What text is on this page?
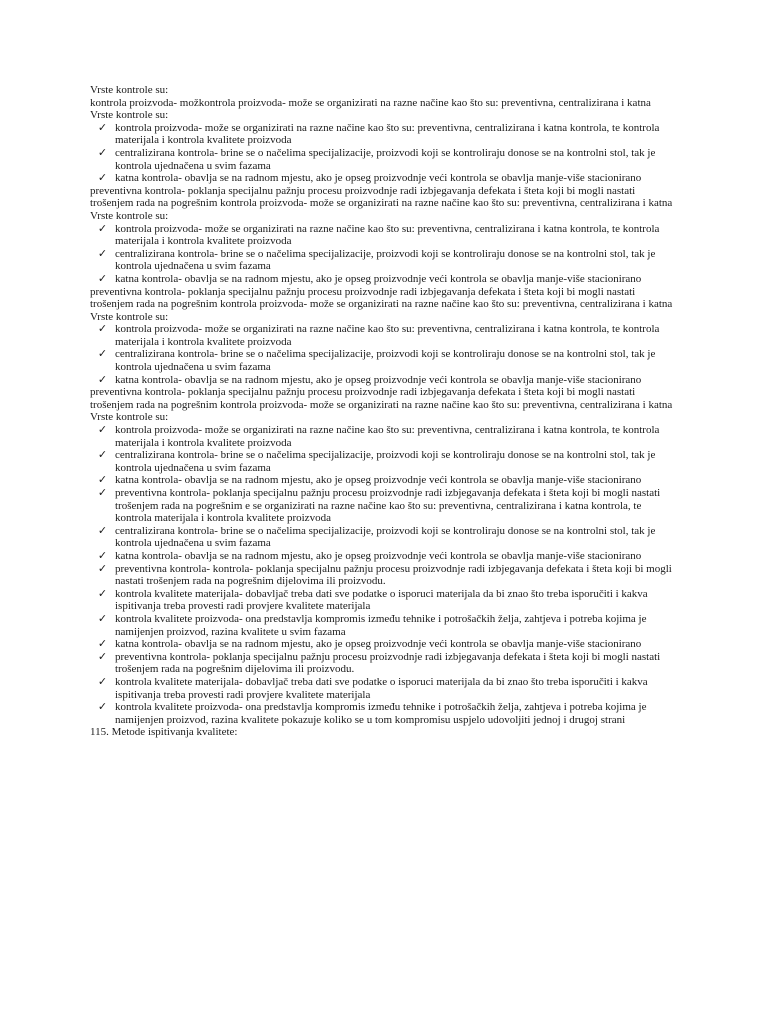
Vrste kontrole su:

kontrola proizvoda- možkontrola proizvoda- može se organizirati na razne načine kao što su: preventivna, centralizirana i katna Vrste kontrole su:

✓ kontrola proizvoda- može se organizirati na razne načine kao što su: preventivna, centralizirana i katna kontrola, te kontrola materijala i kontrola kvalitete proizvoda
✓ centralizirana kontrola- brine se o načelima specijalizacije, proizvodi koji se kontroliraju donose se na kontrolni stol, tak je kontrola ujednačena u svim fazama
✓ katna kontrola- obavlja se na radnom mjestu, ako je opseg proizvodnje veći kontrola se obavlja manje-više stacionirano

preventivna kontrola- poklanja specijalnu pažnju procesu proizvodnje radi izbjegavanja defekata i šteta koji bi mogli nastati trošenjem rada na pogrešnim kontrola proizvoda- može se organizirati na razne načine kao što su: preventivna, centralizirana i katna Vrste kontrole su:

✓ kontrola proizvoda- može se organizirati na razne načine kao što su: preventivna, centralizirana i katna kontrola, te kontrola materijala i kontrola kvalitete proizvoda
✓ centralizirana kontrola- brine se o načelima specijalizacije, proizvodi koji se kontroliraju donose se na kontrolni stol, tak je kontrola ujednačena u svim fazama
✓ katna kontrola- obavlja se na radnom mjestu, ako je opseg proizvodnje veći kontrola se obavlja manje-više stacionirano

preventivna kontrola- poklanja specijalnu pažnju procesu proizvodnje radi izbjegavanja defekata i šteta koji bi mogli nastati trošenjem rada na pogrešnim kontrola proizvoda- može se organizirati na razne načine kao što su: preventivna, centralizirana i katna Vrste kontrole su:

✓ kontrola proizvoda- može se organizirati na razne načine kao što su: preventivna, centralizirana i katna kontrola, te kontrola materijala i kontrola kvalitete proizvoda
✓ centralizirana kontrola- brine se o načelima specijalizacije, proizvodi koji se kontroliraju donose se na kontrolni stol, tak je kontrola ujednačena u svim fazama
✓ katna kontrola- obavlja se na radnom mjestu, ako je opseg proizvodnje veći kontrola se obavlja manje-više stacionirano

preventivna kontrola- poklanja specijalnu pažnju procesu proizvodnje radi izbjegavanja defekata i šteta koji bi mogli nastati trošenjem rada na pogrešnim kontrola proizvoda- može se organizirati na razne načine kao što su: preventivna, centralizirana i katna Vrste kontrole su:

✓ kontrola proizvoda- može se organizirati na razne načine kao što su: preventivna, centralizirana i katna kontrola, te kontrola materijala i kontrola kvalitete proizvoda
✓ centralizirana kontrola- brine se o načelima specijalizacije, proizvodi koji se kontroliraju donose se na kontrolni stol, tak je kontrola ujednačena u svim fazama
✓ katna kontrola- obavlja se na radnom mjestu, ako je opseg proizvodnje veći kontrola se obavlja manje-više stacionirano
✓ preventivna kontrola- poklanja specijalnu pažnju procesu proizvodnje radi izbjegavanja defekata i šteta koji bi mogli nastati trošenjem rada na pogrešnim e se organizirati na razne načine kao što su: preventivna, centralizirana i katna kontrola, te kontrola materijala i kontrola kvalitete proizvoda
✓ centralizirana kontrola- brine se o načelima specijalizacije, proizvodi koji se kontroliraju donose se na kontrolni stol, tak je kontrola ujednačena u svim fazama
✓ katna kontrola- obavlja se na radnom mjestu, ako je opseg proizvodnje veći kontrola se obavlja manje-više stacionirano
✓ preventivna kontrola- kontrola- poklanja specijalnu pažnju procesu proizvodnje radi izbjegavanja defekata i šteta koji bi mogli nastati trošenjem rada na pogrešnim dijelovima ili proizvodu.
✓ kontrola kvalitete materijala- dobavljač treba dati sve podatke o isporuci materijala da bi znao što treba isporučiti i kakva ispitivanja treba provesti radi provjere kvalitete materijala
✓ kontrola kvalitete proizvoda- ona predstavlja kompromis između tehnike i potrošačkih želja, zahtjeva i potreba kojima je namijenjen proizvod, razina kvalitete u svim fazama
✓ katna kontrola- obavlja se na radnom mjestu, ako je opseg proizvodnje veći kontrola se obavlja manje-više stacionirano
✓ preventivna kontrola- poklanja specijalnu pažnju procesu proizvodnje radi izbjegavanja defekata i šteta koji bi mogli nastati trošenjem rada na pogrešnim dijelovima ili proizvodu.
✓ kontrola kvalitete materijala- dobavljač treba dati sve podatke o isporuci materijala da bi znao što treba isporučiti i kakva ispitivanja treba provesti radi provjere kvalitete materijala
✓ kontrola kvalitete proizvoda- ona predstavlja kompromis između tehnike i potrošačkih želja, zahtjeva i potreba kojima je namijenjen proizvod, razina kvalitete pokazuje koliko se u tom kompromisu uspjelo udovoljiti jednoj i drugoj strani

115. Metode ispitivanja kvalitete:
